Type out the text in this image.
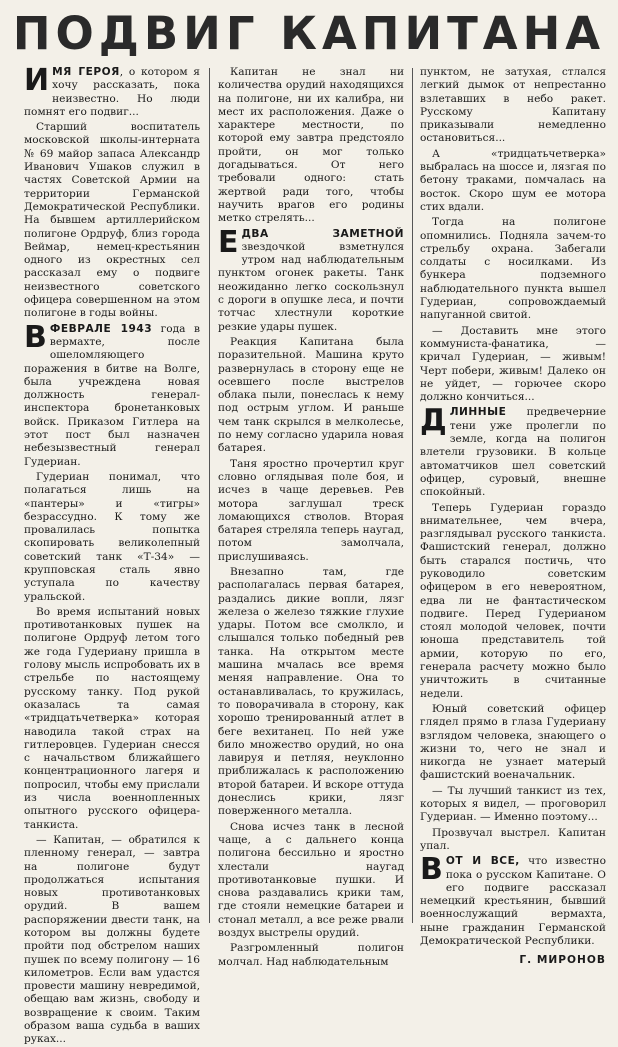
ПОДВИГ КАПИТАНА

ИМЯ ГЕРОЯ, о котором я хочу рассказать, пока неизвестно. Но люди помнят его подвиг...

Старший воспитатель московской школы-интерната № 69 майор запаса Александр Иванович Ушаков служил в частях Советской Армии на территории Германской Демократической Республики. На бывшем артиллерийском полигоне Ордруф, близ города Веймар, немец-крестьянин одного из окрестных сел рассказал ему о подвиге неизвестного советского офицера совершенном на этом полигоне в годы войны.

ВФЕВРАЛЕ 1943 года в вермахте, после ошеломляющего поражения в битве на Волге, была учреждена новая должность генерал-инспектора бронетанковых войск. Приказом Гитлера на этот пост был назначен небезызвестный генерал Гудериан.

Гудериан понимал, что полагаться лишь на «пантеры» и «тигры» безрассудно. К тому же провалилась попытка скопировать великолепный советский танк «Т-34» — крупповская сталь явно уступала по качеству уральской.

Во время испытаний новых противотанковых пушек на полигоне Ордруф летом того же года Гудериану пришла в голову мысль испробовать их в стрельбе по настоящему русскому танку. Под рукой оказалась та самая «тридцатьчетверка» которая наводила такой страх на гитлеровцев. Гудериан снесся с начальством ближайшего концентрационного лагеря и попросил, чтобы ему прислали из числа военнопленных опытного русского офицера-танкиста.

— Капитан, — обратился к пленному генерал, — завтра на полигоне будут продолжаться испытания новых противотанковых орудий. В вашем распоряжении двести танк, на котором вы должны будете пройти под обстрелом наших пушек по всему полигону — 16 километров. Если вам удастся провести машину невредимой, обещаю вам жизнь, свободу и возвращение к своим. Таким образом ваша судьба в ваших руках...

Капитан не знал ни количества орудий находящихся на полигоне, ни их калибра, ни мест их расположения. Даже о характере местности, по которой ему завтра предстояло пройти, он мог только догадываться. От него требовали одного: стать жертвой ради того, чтобы научить врагов его родины метко стрелять...

ЕДВА ЗАМЕТНОЙ звездочкой взметнулся утром над наблюдательным пунктом огонек ракеты. Танк неожиданно легко соскользнул с дороги в опушке леса, и почти тотчас хлестнули короткие резкие удары пушек.

Реакция Капитана была поразительной. Машина круто развернулась в сторону еще не осевшего после выстрелов облака пыли, понеслась к нему под острым углом. И раньше чем танк скрылся в мелколесье, по нему согласно ударила новая батарея.

Таня яростно прочертил круг словно оглядывая поле боя, и исчез в чаще деревьев. Рев мотора заглушал треск ломающихся стволов. Вторая батарея стреляла теперь наугад, потом замолчала, прислушиваясь.

Внезапно там, где располагалась первая батарея, раздались дикие вопли, лязг железа о железо тяжкие глухие удары. Потом все смолкло, и слышался только победный рев танка. На открытом месте машина мчалась все время меняя направление. Она то останавливалась, то кружилась, то поворачивала в сторону, как хорошо тренированный атлет в беге вехитанец. По ней уже било множество орудий, но она лавируя и петляя, неуклонно приближалась к расположению второй батареи. И вскоре оттуда донеслись крики, лязг поверженного металла.

Снова исчез танк в лесной чаще, а с дальнего конца полигона бессильно и яростно хлестали наугад противотанковые пушки. И снова раздавались крики там, где стояли немецкие батареи и стонал металл, а все реже рвали воздух выстрелы орудий.

Разгромленный полигон молчал. Над наблюдательным

пунктом, не затухая, стлался легкий дымок от непрестанно взлетавших в небо ракет. Русскому Капитану приказывали немедленно остановиться...

А «тридцатьчетверка» выбралась на шоссе и, лязгая по бетону траками, помчалась на восток. Скоро шум ее мотора стих вдали.

Тогда на полигоне опомнились. Подняла зачем-то стрельбу охрана. Забегали солдаты с носилками. Из бункера подземного наблюдательного пункта вышел Гудериан, сопровождаемый напуганной свитой.

— Доставить мне этого коммуниста-фанатика, — кричал Гудериан, — живым! Черт побери, живым! Далеко он не уйдет, — горючее скоро должно кончиться...

ДЛИННЫЕ предвечерние тени уже пролегли по земле, когда на полигон влетели грузовики. В кольце автоматчиков шел советский офицер, суровый, внешне спокойный.

Теперь Гудериан гораздо внимательнее, чем вчера, разглядывал русского танкиста. Фашистский генерал, должно быть старался постичь, что руководило советским офицером в его невероятном, едва ли не фантастическом подвиге. Перед Гудерианом стоял молодой человек, почти юноша представитель той армии, которую по его, генерала расчету можно было уничтожить в считанные недели.

Юный советский офицер глядел прямо в глаза Гудериану взглядом человека, знающего о жизни то, чего не знал и никогда не узнает матерый фашистский военачальник.

— Ты лучший танкист из тех, которых я видел, — проговорил Гудериан. — Именно поэтому...

Прозвучал выстрел. Капитан упал.

ВОТ И ВСЕ, что известно пока о русском Капитане. О его подвиге рассказал немецкий крестьянин, бывший военнослужащий вермахта, ныне гражданин Германской Демократической Республики.

Г. МИРОНОВ
